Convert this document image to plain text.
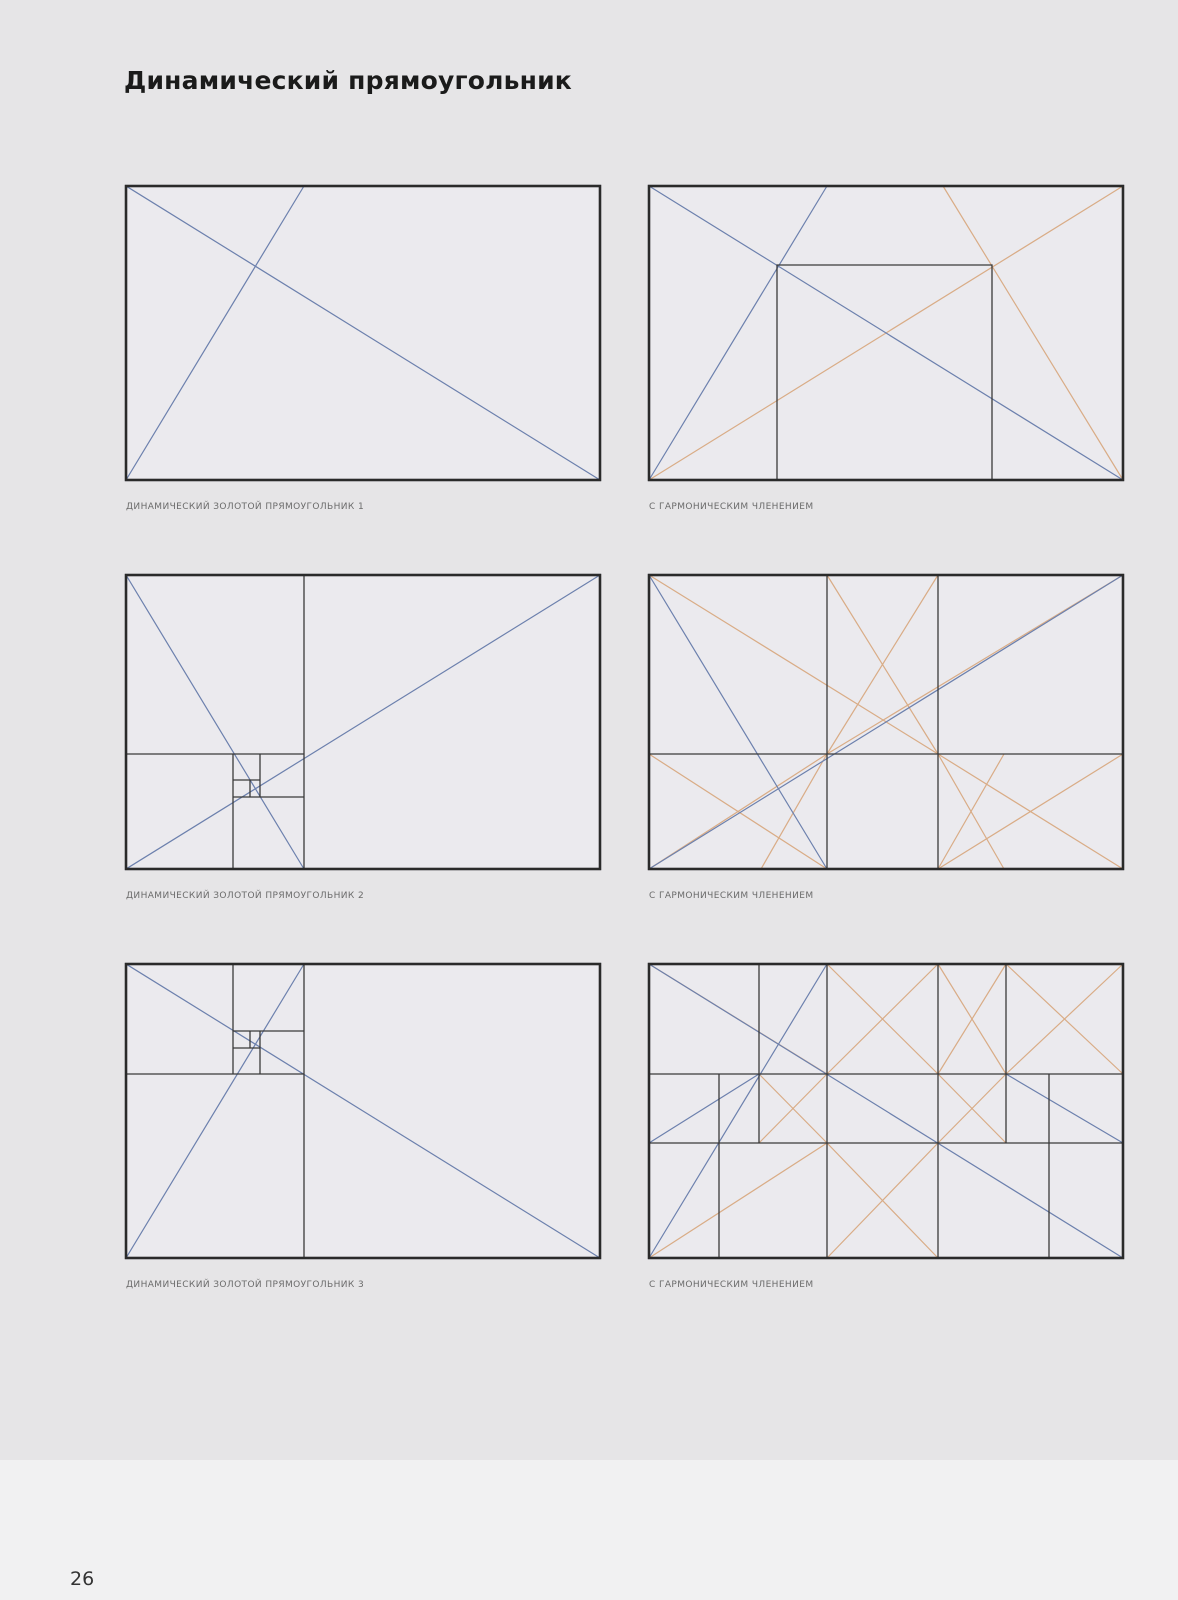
Динамический прямоугольник
ДИНАМИЧЕСКИЙ ЗОЛОТОЙ ПРЯМОУГОЛЬНИК 1	С ГАРМОНИЧЕСКИМ ЧЛЕНЕНИЕМ
ДИНАМИЧЕСКИЙ ЗОЛОТОЙ ПРЯМОУГОЛЬНИК 2	С ГАРМОНИЧЕСКИМ ЧЛЕНЕНИЕМ
ДИНАМИЧЕСКИЙ ЗОЛОТОЙ ПРЯМОУГОЛЬНИК 3	С ГАРМОНИЧЕСКИМ ЧЛЕНЕНИЕМ
26
